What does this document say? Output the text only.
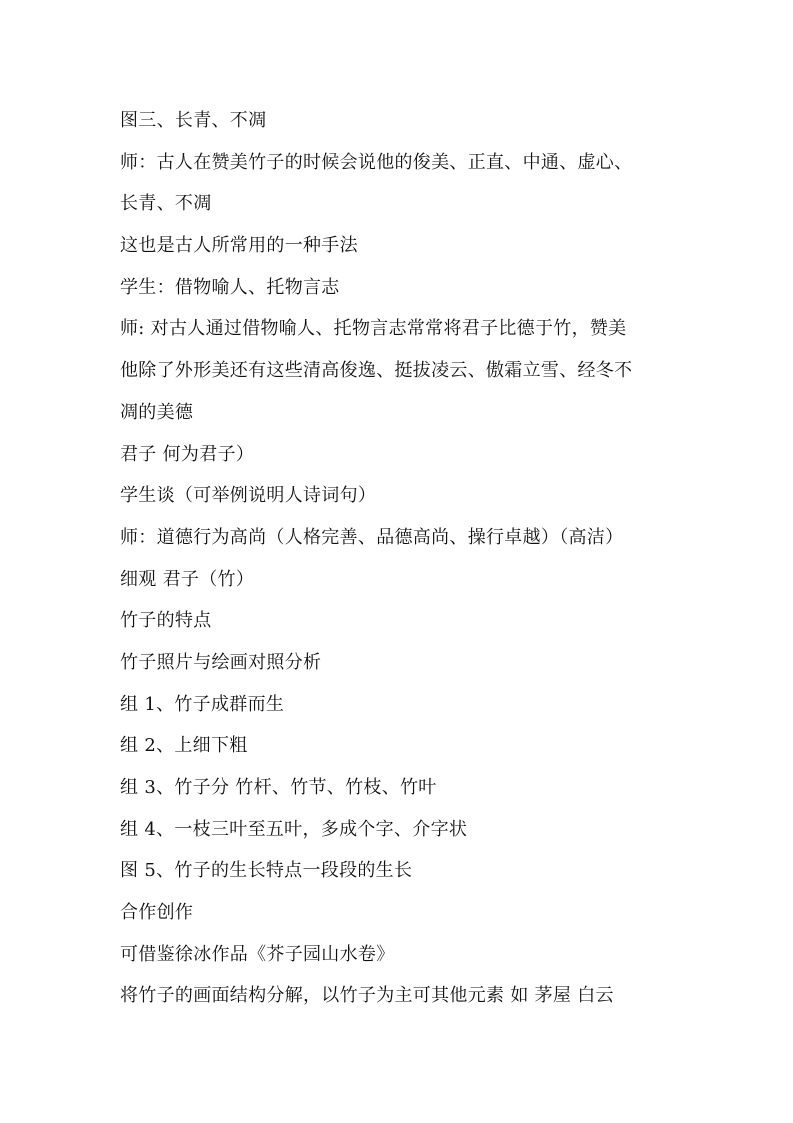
图三、长青、不凋
师：古人在赞美竹子的时候会说他的俊美、正直、中通、虚心、
长青、不凋
这也是古人所常用的一种手法
学生：借物喻人、托物言志
师: 对古人通过借物喻人、托物言志常常将君子比德于竹，赞美
他除了外形美还有这些清高俊逸、挺拔凌云、傲霜立雪、经冬不
凋的美德
君子 何为君子）
学生谈（可举例说明人诗词句）
师：道德行为高尚（人格完善、品德高尚、操行卓越）（高洁）
细观 君子（竹）
竹子的特点
竹子照片与绘画对照分析
组 1、竹子成群而生
组 2、上细下粗
组 3、竹子分 竹杆、竹节、竹枝、竹叶
组 4、一枝三叶至五叶，多成个字、介字状
图 5、竹子的生长特点一段段的生长
合作创作
可借鉴徐冰作品《芥子园山水卷》
将竹子的画面结构分解，以竹子为主可其他元素 如 茅屋 白云
